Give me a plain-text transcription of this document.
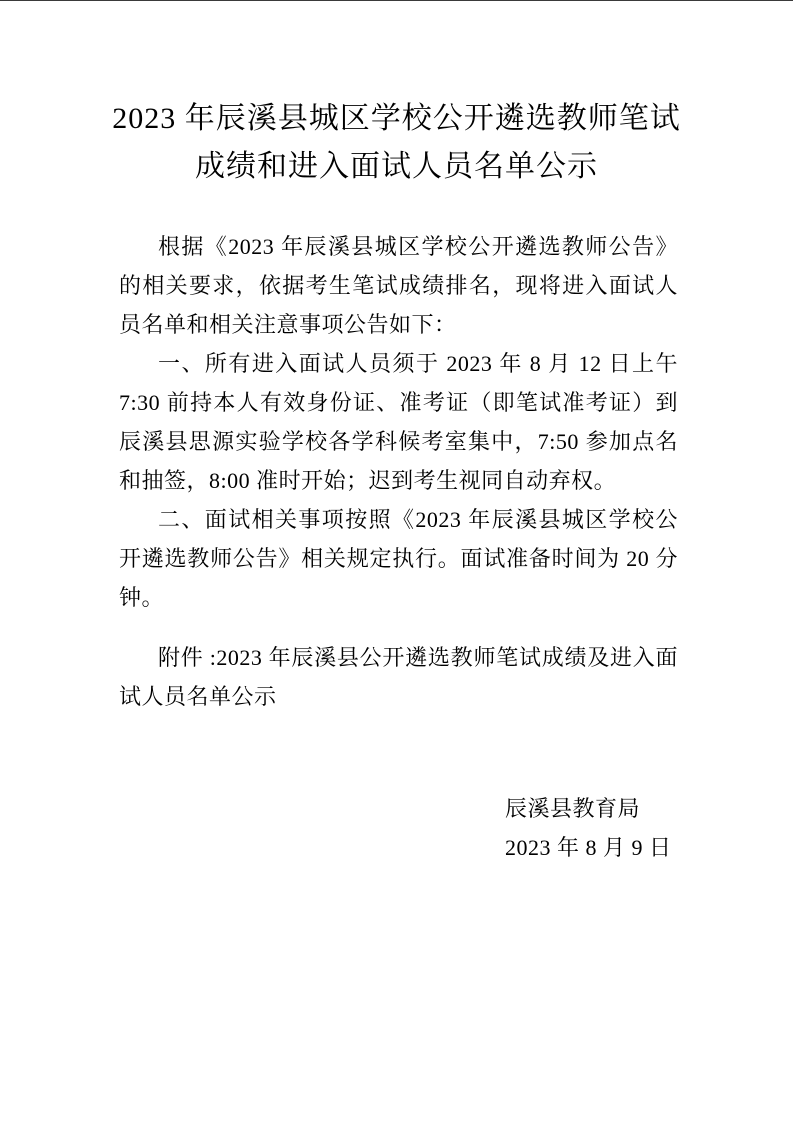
2023 年辰溪县城区学校公开遴选教师笔试
成绩和进入面试人员名单公示

根据《2023 年辰溪县城区学校公开遴选教师公告》的相关要求，依据考生笔试成绩排名，现将进入面试人员名单和相关注意事项公告如下：

一、所有进入面试人员须于 2023 年 8 月 12 日上午 7:30 前持本人有效身份证、准考证（即笔试准考证）到辰溪县思源实验学校各学科候考室集中，7:50 参加点名和抽签，8:00 准时开始；迟到考生视同自动弃权。

二、面试相关事项按照《2023 年辰溪县城区学校公开遴选教师公告》相关规定执行。面试准备时间为 20 分钟。

附件 :2023 年辰溪县公开遴选教师笔试成绩及进入面试人员名单公示

辰溪县教育局
2023 年 8 月 9 日
